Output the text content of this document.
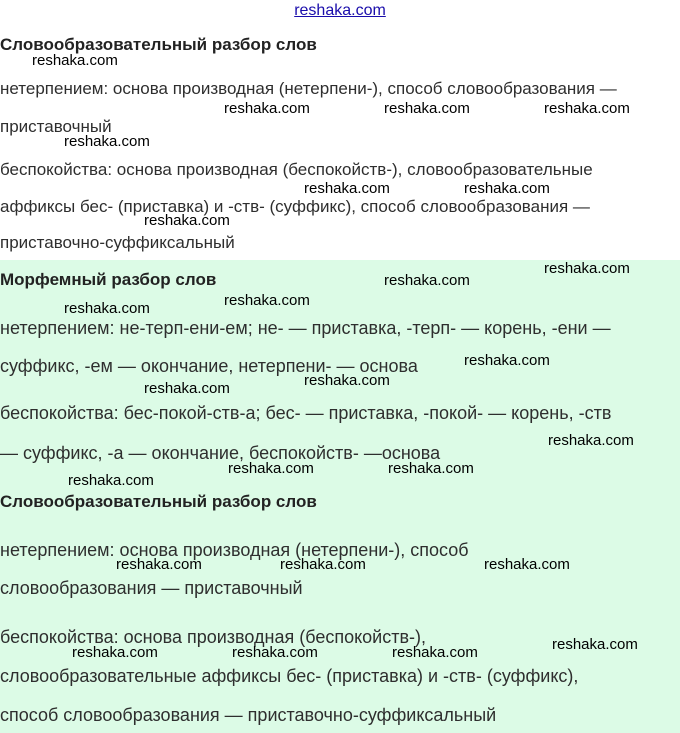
reshaka.com
Словообразовательный разбор слов
нетерпением: основа производная (нетерпени-), способ словообразования —
приставочный
беспокойства: основа производная (беспокойств-), словообразовательные
аффиксы бес- (приставка) и -ств- (суффикс), способ словообразования —
приставочно-суффиксальный
Морфемный разбор слов
нетерпением: не-терп-ени-ем; не- — приставка, -терп- — корень, -ени —
суффикс, -ем — окончание, нетерпени- — основа
беспокойства: бес-покой-ств-а; бес- — приставка, -покой- — корень, -ств
— суффикс, -а — окончание, беспокойств- —основа
Словообразовательный разбор слов
нетерпением: основа производная (нетерпени-), способ
словообразования — приставочный
беспокойства: основа производная (беспокойств-),
словообразовательные аффиксы бес- (приставка) и -ств- (суффикс),
способ словообразования — приставочно-суффиксальный
reshaka.com
reshaka.com	reshaka.com	reshaka.com
reshaka.com
reshaka.com	reshaka.com
reshaka.com
reshaka.com
reshaka.com
reshaka.com
reshaka.com
reshaka.com
reshaka.com
reshaka.com
reshaka.com
reshaka.com	reshaka.com
reshaka.com
reshaka.com	reshaka.com	reshaka.com
reshaka.com
reshaka.com	reshaka.com	reshaka.com
